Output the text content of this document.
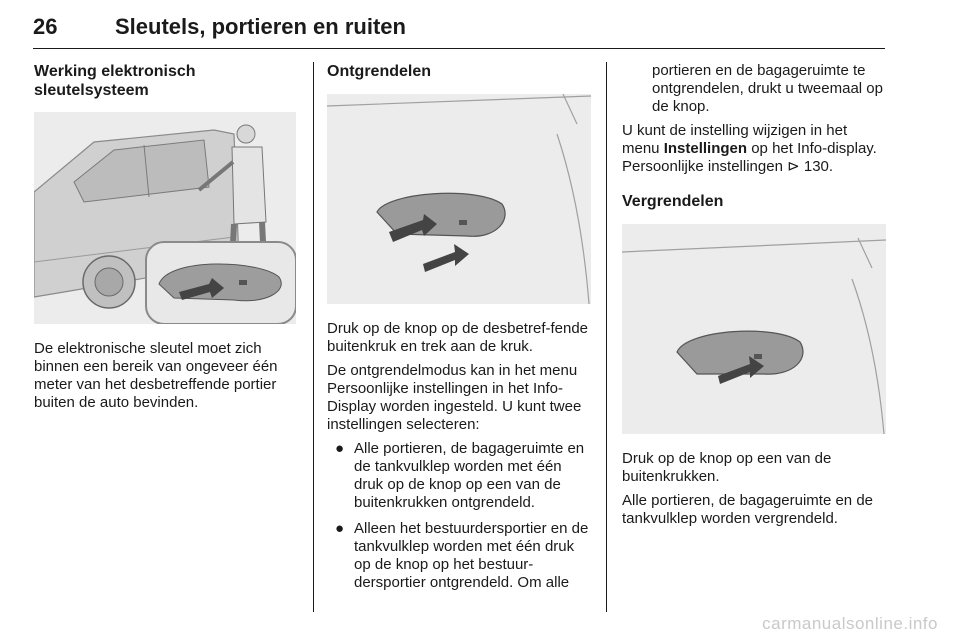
26	Sleutels, portieren en ruiten
Werking elektronisch
sleutelsysteem

De elektronische sleutel moet zich binnen een bereik van ongeveer één meter van het desbetreffende portier buiten de auto bevinden.

Ontgrendelen

Druk op de knop op de desbetref-fende buitenkruk en trek aan de kruk.

De ontgrendelmodus kan in het menu Persoonlijke instellingen in het Info-Display worden ingesteld. U kunt twee instellingen selecteren:

● Alle portieren, de bagageruimte en de tankvulklep worden met één druk op de knop op een van de buitenkrukken ontgrendeld.
● Alleen het bestuurdersportier en de tankvulklep worden met één druk op de knop op het bestuur-dersportier ontgrendeld. Om alle

portieren en de bagageruimte te ontgrendelen, drukt u tweemaal op de knop.

U kunt de instelling wijzigen in het menu Instellingen op het Info-display. Persoonlijke instellingen ⊳ 130.

Vergrendelen

Druk op de knop op een van de buitenkrukken.

Alle portieren, de bagageruimte en de tankvulklep worden vergrendeld.

carmanualsonline.info
